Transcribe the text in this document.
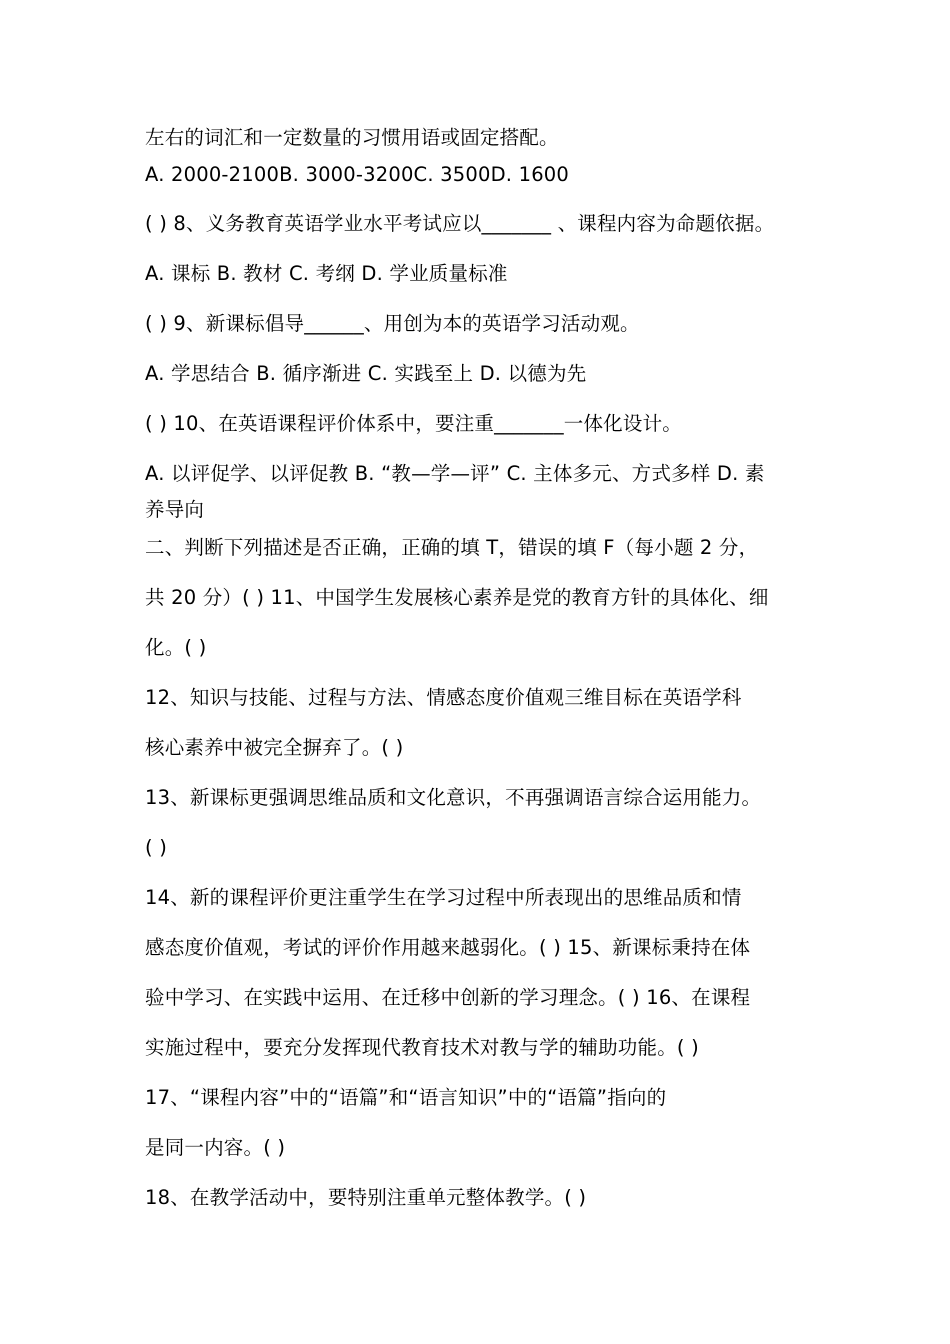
左右的词汇和一定数量的习惯用语或固定搭配。

A. 2000-2100B. 3000-3200C. 3500D. 1600

( ) 8、义务教育英语学业水平考试应以_______ 、课程内容为命题依据。

A. 课标 B. 教材 C. 考纲 D. 学业质量标准

( ) 9、新课标倡导______、用创为本的英语学习活动观。

A. 学思结合 B. 循序渐进 C. 实践至上 D. 以德为先

( ) 10、在英语课程评价体系中，要注重_______一体化设计。

A. 以评促学、以评促教 B. “教—学—评” C. 主体多元、方式多样 D. 素

养导向

二、判断下列描述是否正确，正确的填 T，错误的填 F（每小题 2 分，

共 20 分）( ) 11、中国学生发展核心素养是党的教育方针的具体化、细

化。( )

12、知识与技能、过程与方法、情感态度价值观三维目标在英语学科

核心素养中被完全摒弃了。( )

13、新课标更强调思维品质和文化意识，不再强调语言综合运用能力。

( )

14、新的课程评价更注重学生在学习过程中所表现出的思维品质和情

感态度价值观，考试的评价作用越来越弱化。( ) 15、新课标秉持在体

验中学习、在实践中运用、在迁移中创新的学习理念。( ) 16、在课程

实施过程中，要充分发挥现代教育技术对教与学的辅助功能。( )

17、“课程内容”中的“语篇”和“语言知识”中的“语篇”指向的

是同一内容。( )

18、在教学活动中，要特别注重单元整体教学。( )
